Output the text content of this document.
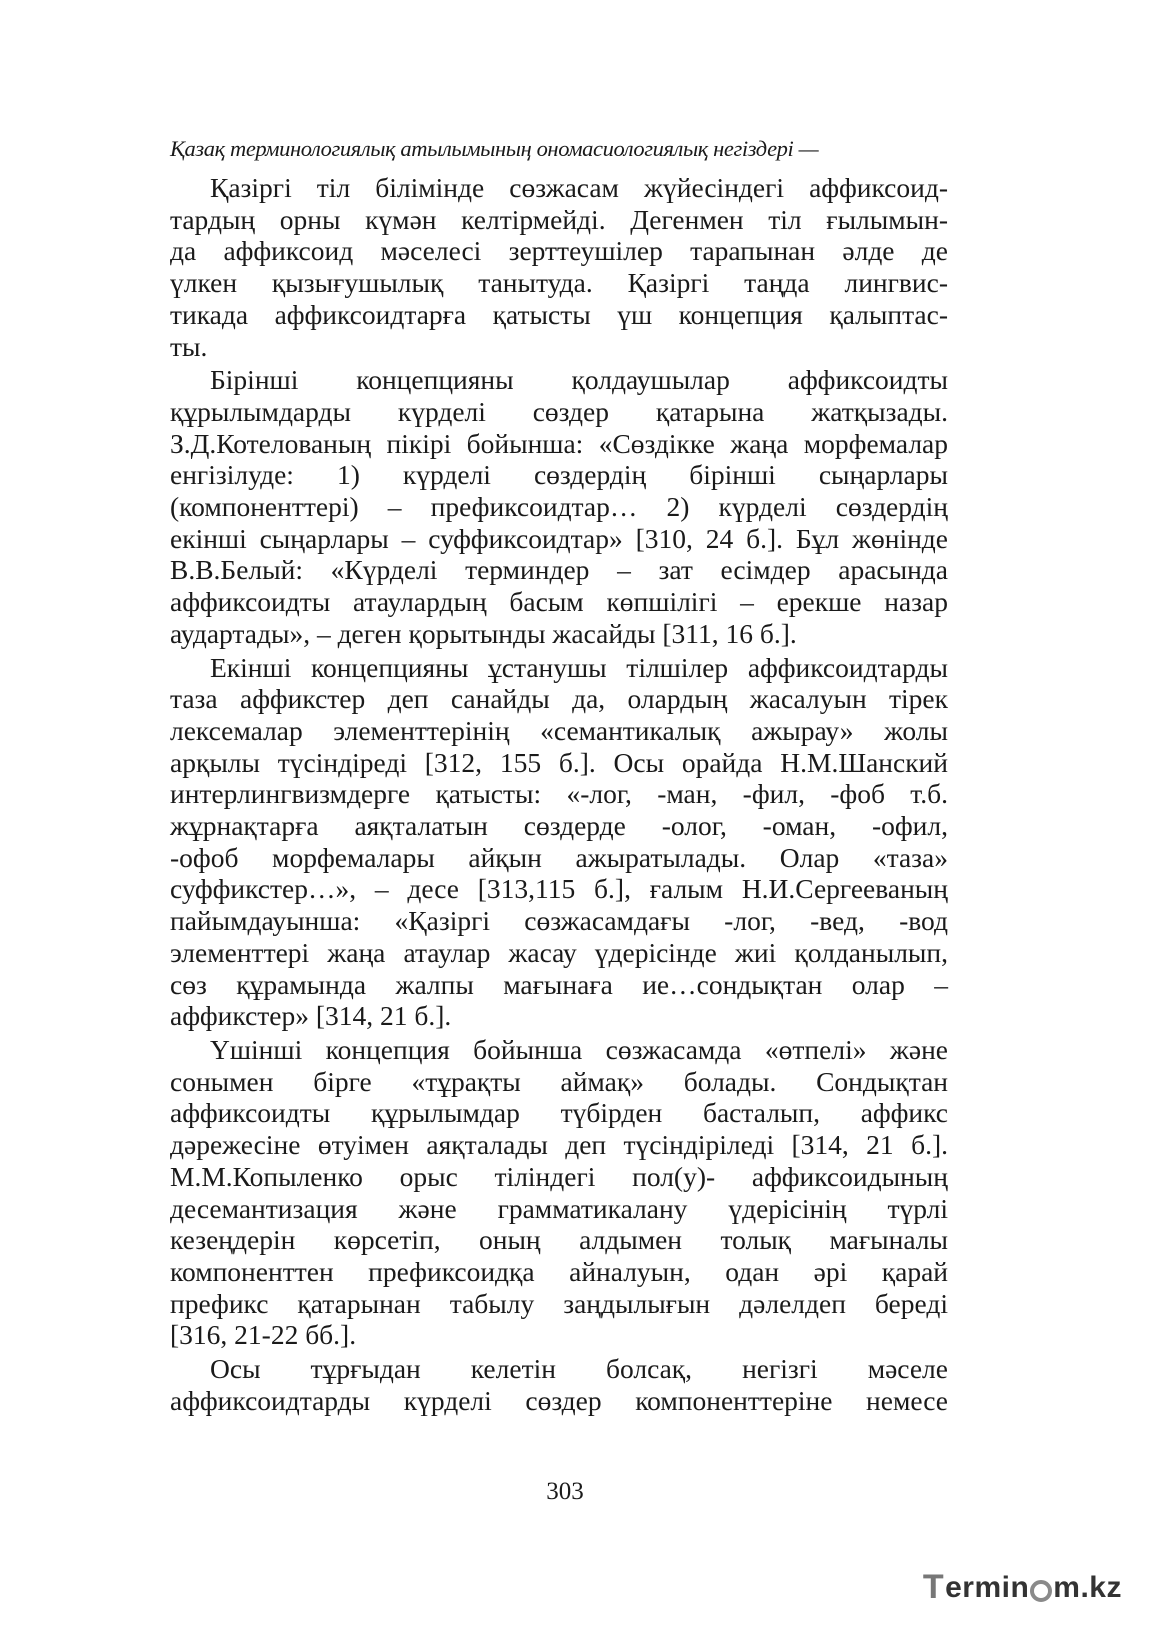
Қазақ терминологиялық атылымының ономасиологиялық негіздері —
Қазіргі тіл білімінде сөзжасам жүйесіндегі аффиксоид-
тардың орны күмән келтірмейді. Дегенмен тіл ғылымын-
да аффиксоид мәселесі зерттеушілер тарапынан әлде де
үлкен қызығушылық танытуда. Қазіргі таңда лингвис-
тикада аффиксоидтарға қатысты үш концепция қалыптас-
ты.
Бірінші концепцияны қолдаушылар аффиксоидты
құрылымдарды күрделі сөздер қатарына жатқызады.
З.Д.Котелованың пікірі бойынша: «Сөздікке жаңа морфемалар
енгізілуде: 1) күрделі сөздердің бірінші сыңарлары
(компоненттері) – префиксоидтар… 2) күрделі сөздердің
екінші сыңарлары – суффиксоидтар» [310, 24 б.]. Бұл жөнінде
В.В.Белый: «Күрделі терминдер – зат есімдер арасында
аффиксоидты атаулардың басым көпшілігі – ерекше назар
аудартады», – деген қорытынды жасайды [311, 16 б.].
Екінші концепцияны ұстанушы тілшілер аффиксоидтарды
таза аффикстер деп санайды да, олардың жасалуын тірек
лексемалар элементтерінің «семантикалық ажырау» жолы
арқылы түсіндіреді [312, 155 б.]. Осы орайда Н.М.Шанский
интерлингвизмдерге қатысты: «-лог, -ман, -фил, -фоб т.б.
жұрнақтарға аяқталатын сөздерде -олог, -оман, -офил,
-офоб морфемалары айқын ажыратылады. Олар «таза»
суффикстер…», – десе [313,115 б.], ғалым Н.И.Сергееваның
пайымдауынша: «Қазіргі сөзжасамдағы -лог, -вед, -вод
элементтері жаңа атаулар жасау үдерісінде жиі қолданылып,
сөз құрамында жалпы мағынаға ие…сондықтан олар –
аффикстер» [314, 21 б.].
Үшінші концепция бойынша сөзжасамда «өтпелі» және
сонымен бірге «тұрақты аймақ» болады. Сондықтан
аффиксоидты құрылымдар түбірден басталып, аффикс
дәрежесіне өтуімен аяқталады деп түсіндіріледі [314, 21 б.].
М.М.Копыленко орыс тіліндегі пол(у)- аффиксоидының
десемантизация және грамматикалану үдерісінің түрлі
кезеңдерін көрсетіп, оның алдымен толық мағыналы
компоненттен префиксоидқа айналуын, одан әрі қарай
префикс қатарынан табылу заңдылығын дәлелдеп береді
[316, 21-22 бб.].
Осы тұрғыдан келетін болсақ, негізгі мәселе
аффиксоидтарды күрделі сөздер компоненттеріне немесе
303
T ermin m.kz
